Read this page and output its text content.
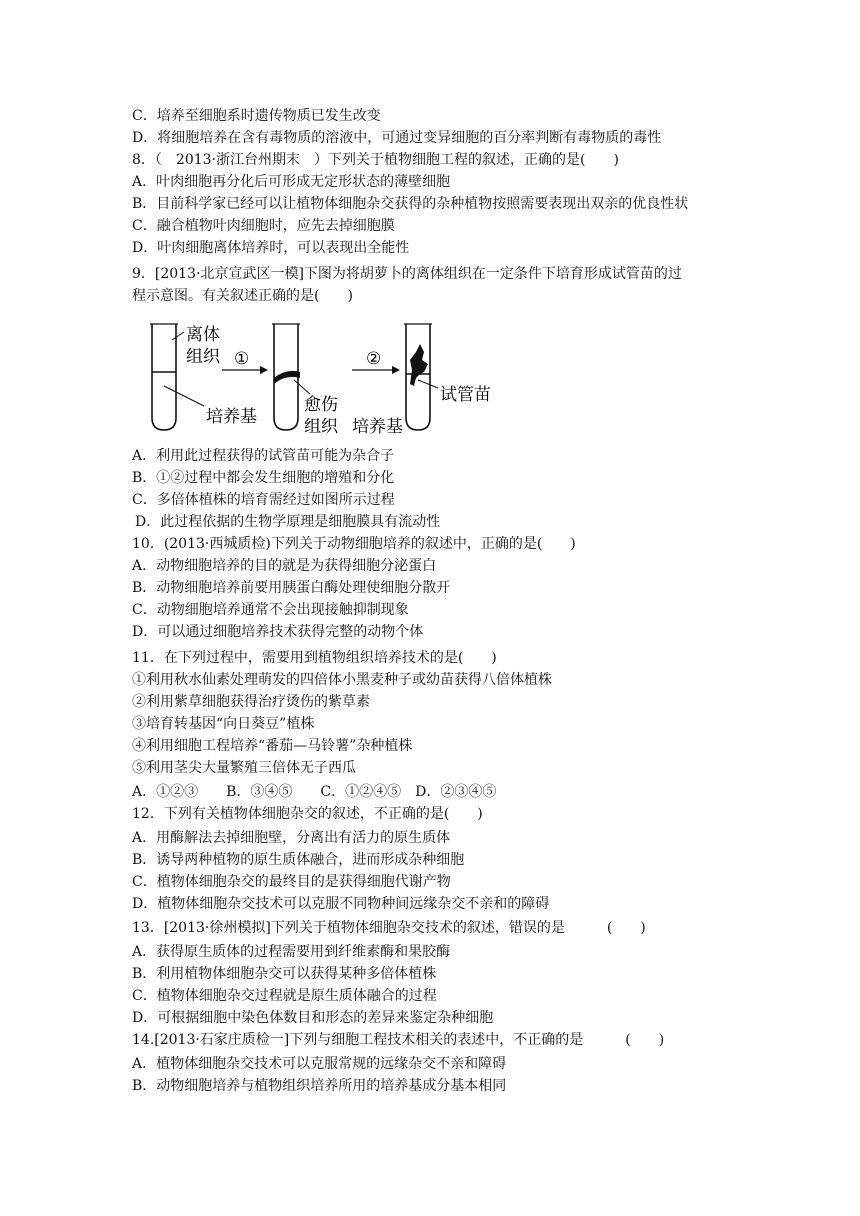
C．培养至细胞系时遗传物质已发生改变
D．将细胞培养在含有毒物质的溶液中，可通过变异细胞的百分率判断有毒物质的毒性
8．（　2013·浙江台州期末　）下列关于植物细胞工程的叙述，正确的是(　　)
A．叶肉细胞再分化后可形成无定形状态的薄壁细胞
B．目前科学家已经可以让植物体细胞杂交获得的杂种植物按照需要表现出双亲的优良性状
C．融合植物叶肉细胞时，应先去掉细胞膜
D．叶肉细胞离体培养时，可以表现出全能性
9．[2013·北京宣武区一模]下图为将胡萝卜的离体组织在一定条件下培育形成试管苗的过
程示意图。有关叙述正确的是(　　)
离体
组织 ①	②
培养基
愈伤
组织 培养基
试管苗
A．利用此过程获得的试管苗可能为杂合子
B．①②过程中都会发生细胞的增殖和分化
C．多倍体植株的培育需经过如图所示过程
D．此过程依据的生物学原理是细胞膜具有流动性
10．(2013·西城质检)下列关于动物细胞培养的叙述中，正确的是(　　)
A．动物细胞培养的目的就是为获得细胞分泌蛋白
B．动物细胞培养前要用胰蛋白酶处理使细胞分散开
C．动物细胞培养通常不会出现接触抑制现象
D．可以通过细胞培养技术获得完整的动物个体
11．在下列过程中，需要用到植物组织培养技术的是(　　)
①利用秋水仙素处理萌发的四倍体小黑麦种子或幼苗获得八倍体植株
②利用紫草细胞获得治疗烫伤的紫草素
③培育转基因“向日葵豆”植株
④利用细胞工程培养“番茄—马铃薯”杂种植株
⑤利用茎尖大量繁殖三倍体无子西瓜
A．①②③　　B．③④⑤　　C．①②④⑤　D．②③④⑤
12．下列有关植物体细胞杂交的叙述，不正确的是(　　)
A．用酶解法去掉细胞壁，分离出有活力的原生质体
B．诱导两种植物的原生质体融合，进而形成杂种细胞
C．植物体细胞杂交的最终目的是获得细胞代谢产物
D．植物体细胞杂交技术可以克服不同物种间远缘杂交不亲和的障碍
13．[2013·徐州模拟]下列关于植物体细胞杂交技术的叙述，错误的是　　　(　　)
A．获得原生质体的过程需要用到纤维素酶和果胶酶
B．利用植物体细胞杂交可以获得某种多倍体植株
C．植物体细胞杂交过程就是原生质体融合的过程
D．可根据细胞中染色体数目和形态的差异来鉴定杂种细胞
14.[2013·石家庄质检一]下列与细胞工程技术相关的表述中，不正确的是　　　(　　)
A．植物体细胞杂交技术可以克服常规的远缘杂交不亲和障碍
B．动物细胞培养与植物组织培养所用的培养基成分基本相同
